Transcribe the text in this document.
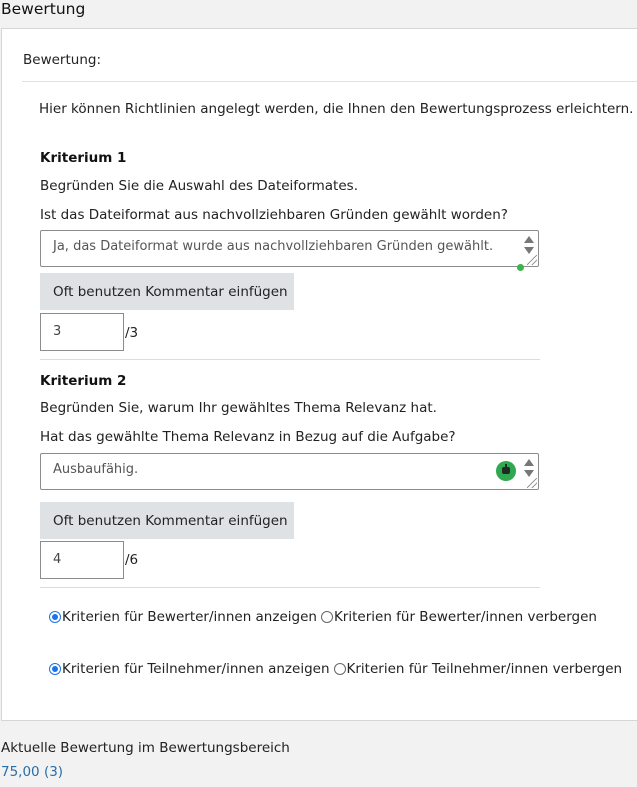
Bewertung
Bewertung:
Hier können Richtlinien angelegt werden, die Ihnen den Bewertungsprozess erleichtern.
Kriterium 1
Begründen Sie die Auswahl des Dateiformates.
Ist das Dateiformat aus nachvollziehbaren Gründen gewählt worden?
Ja, das Dateiformat wurde aus nachvollziehbaren Gründen gewählt.
Oft benutzen Kommentar einfügen
3	/3
Kriterium 2
Begründen Sie, warum Ihr gewähltes Thema Relevanz hat.
Hat das gewählte Thema Relevanz in Bezug auf die Aufgabe?
Ausbaufähig.
Oft benutzen Kommentar einfügen
4	/6
Kriterien für Bewerter/innen anzeigen Kriterien für Bewerter/innen verbergen
Kriterien für Teilnehmer/innen anzeigen Kriterien für Teilnehmer/innen verbergen
Aktuelle Bewertung im Bewertungsbereich
75,00 (3)
